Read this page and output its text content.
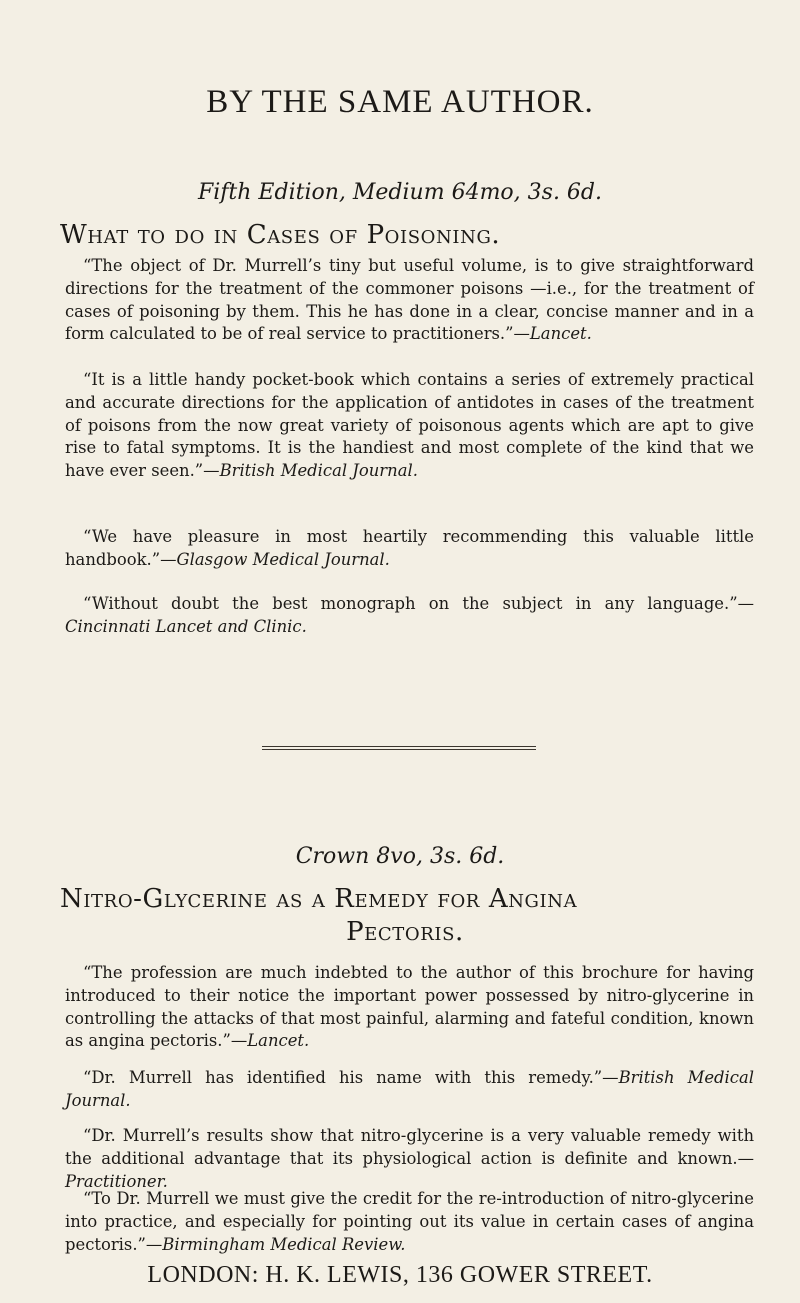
BY THE SAME AUTHOR.
Fifth Edition, Medium 64mo, 3s. 6d.
What to do in Cases of Poisoning.

“The object of Dr. Murrell’s tiny but useful volume, is to give straightforward directions for the treatment of the commoner poisons —i.e., for the treatment of cases of poisoning by them. This he has done in a clear, concise manner and in a form calculated to be of real service to practitioners.”—Lancet.

“It is a little handy pocket-book which contains a series of extremely practical and accurate directions for the application of antidotes in cases of the treatment of poisons from the now great variety of poisonous agents which are apt to give rise to fatal symptoms. It is the handiest and most complete of the kind that we have ever seen.”—British Medical Journal.

“We have pleasure in most heartily recommending this valuable little handbook.”—Glasgow Medical Journal.

“Without doubt the best monograph on the subject in any language.”—Cincinnati Lancet and Clinic.

Crown 8vo, 3s. 6d.
Nitro-Glycerine as a Remedy for Angina
Pectoris.

“The profession are much indebted to the author of this brochure for having introduced to their notice the important power possessed by nitro-glycerine in controlling the attacks of that most painful, alarming and fateful condition, known as angina pectoris.”—Lancet.

“Dr. Murrell has identified his name with this remedy.”—British Medical Journal.

“Dr. Murrell’s results show that nitro-glycerine is a very valuable remedy with the additional advantage that its physiological action is definite and known.—Practitioner.

“To Dr. Murrell we must give the credit for the re-introduction of nitro-glycerine into practice, and especially for pointing out its value in certain cases of angina pectoris.”—Birmingham Medical Review.

LONDON: H. K. LEWIS, 136 GOWER STREET.
